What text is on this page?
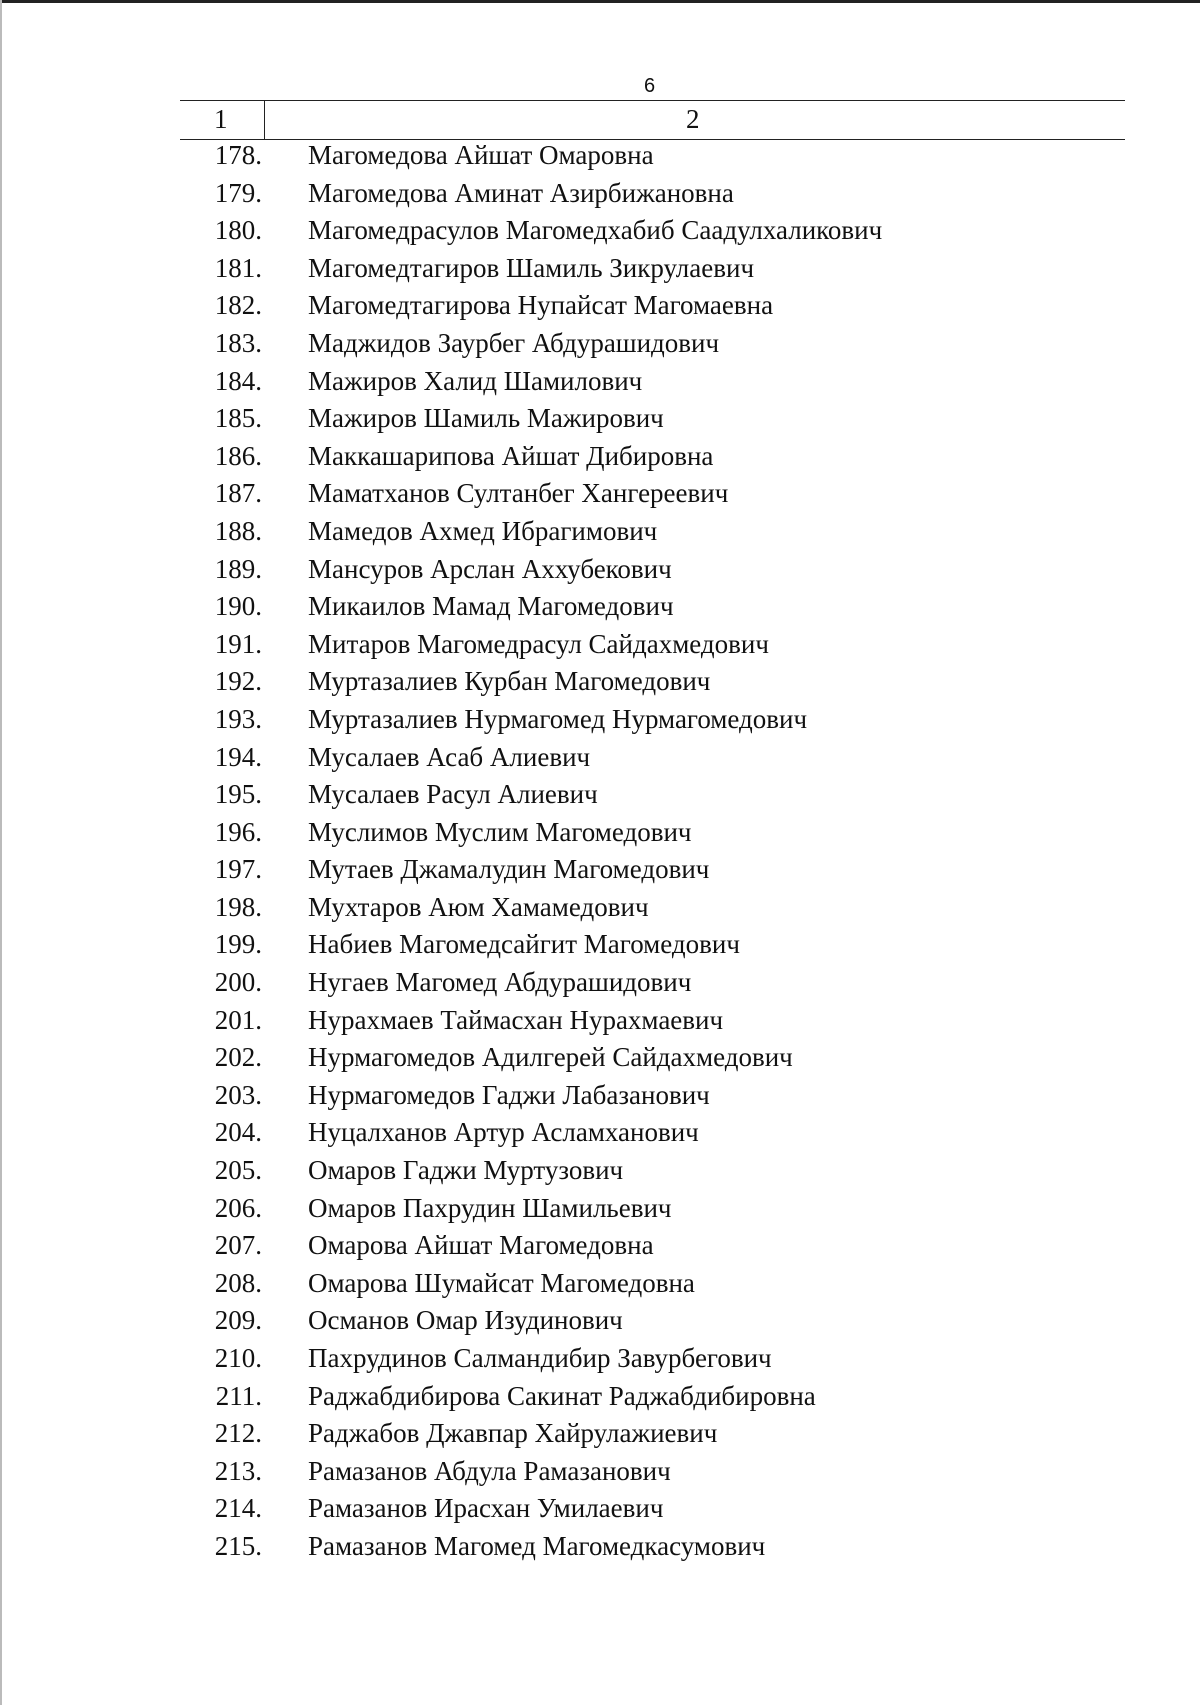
6
1	2
178. Магомедова Айшат Омаровна
179. Магомедова Аминат Азирбижановна
180. Магомедрасулов Магомедхабиб Саадулхаликович
181. Магомедтагиров Шамиль Зикрулаевич
182. Магомедтагирова Нупайсат Магомаевна
183. Маджидов Заурбег Абдурашидович
184. Мажиров Халид Шамилович
185. Мажиров Шамиль Мажирович
186. Маккашарипова Айшат Дибировна
187. Маматханов Султанбег Хангереевич
188. Мамедов Ахмед Ибрагимович
189. Мансуров Арслан Аххубекович
190. Микаилов Мамад Магомедович
191. Митаров Магомедрасул Сайдахмедович
192. Муртазалиев Курбан Магомедович
193. Муртазалиев Нурмагомед Нурмагомедович
194. Мусалаев Асаб Алиевич
195. Мусалаев Расул Алиевич
196. Муслимов Муслим Магомедович
197. Мутаев Джамалудин Магомедович
198. Мухтаров Аюм Хамамедович
199. Набиев Магомедсайгит Магомедович
200. Нугаев Магомед Абдурашидович
201. Нурахмаев Таймасхан Нурахмаевич
202. Нурмагомедов Адилгерей Сайдахмедович
203. Нурмагомедов Гаджи Лабазанович
204. Нуцалханов Артур Асламханович
205. Омаров Гаджи Муртузович
206. Омаров Пахрудин Шамильевич
207. Омарова Айшат Магомедовна
208. Омарова Шумайсат Магомедовна
209. Османов Омар Изудинович
210. Пахрудинов Салмандибир Завурбегович
211. Раджабдибирова Сакинат Раджабдибировна
212. Раджабов Джавпар Хайрулажиевич
213. Рамазанов Абдула Рамазанович
214. Рамазанов Ирасхан Умилаевич
215. Рамазанов Магомед Магомедкасумович
